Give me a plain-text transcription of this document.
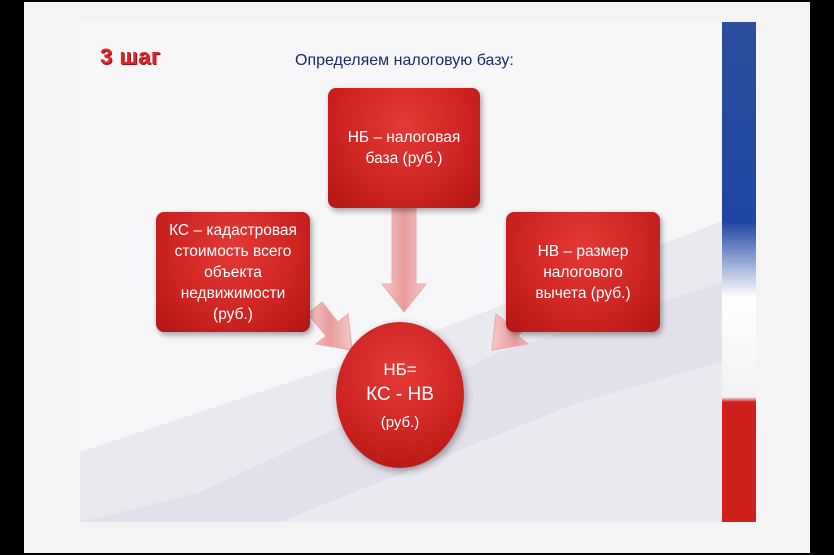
3 шаг	Определяем налоговую базу:
НБ – налоговая
база (руб.)
КС – кадастровая
стоимость всего
объекта
недвижимости
(руб.)
НВ – размер
налогового
вычета (руб.)
НБ=
КС - НВ
(руб.)
